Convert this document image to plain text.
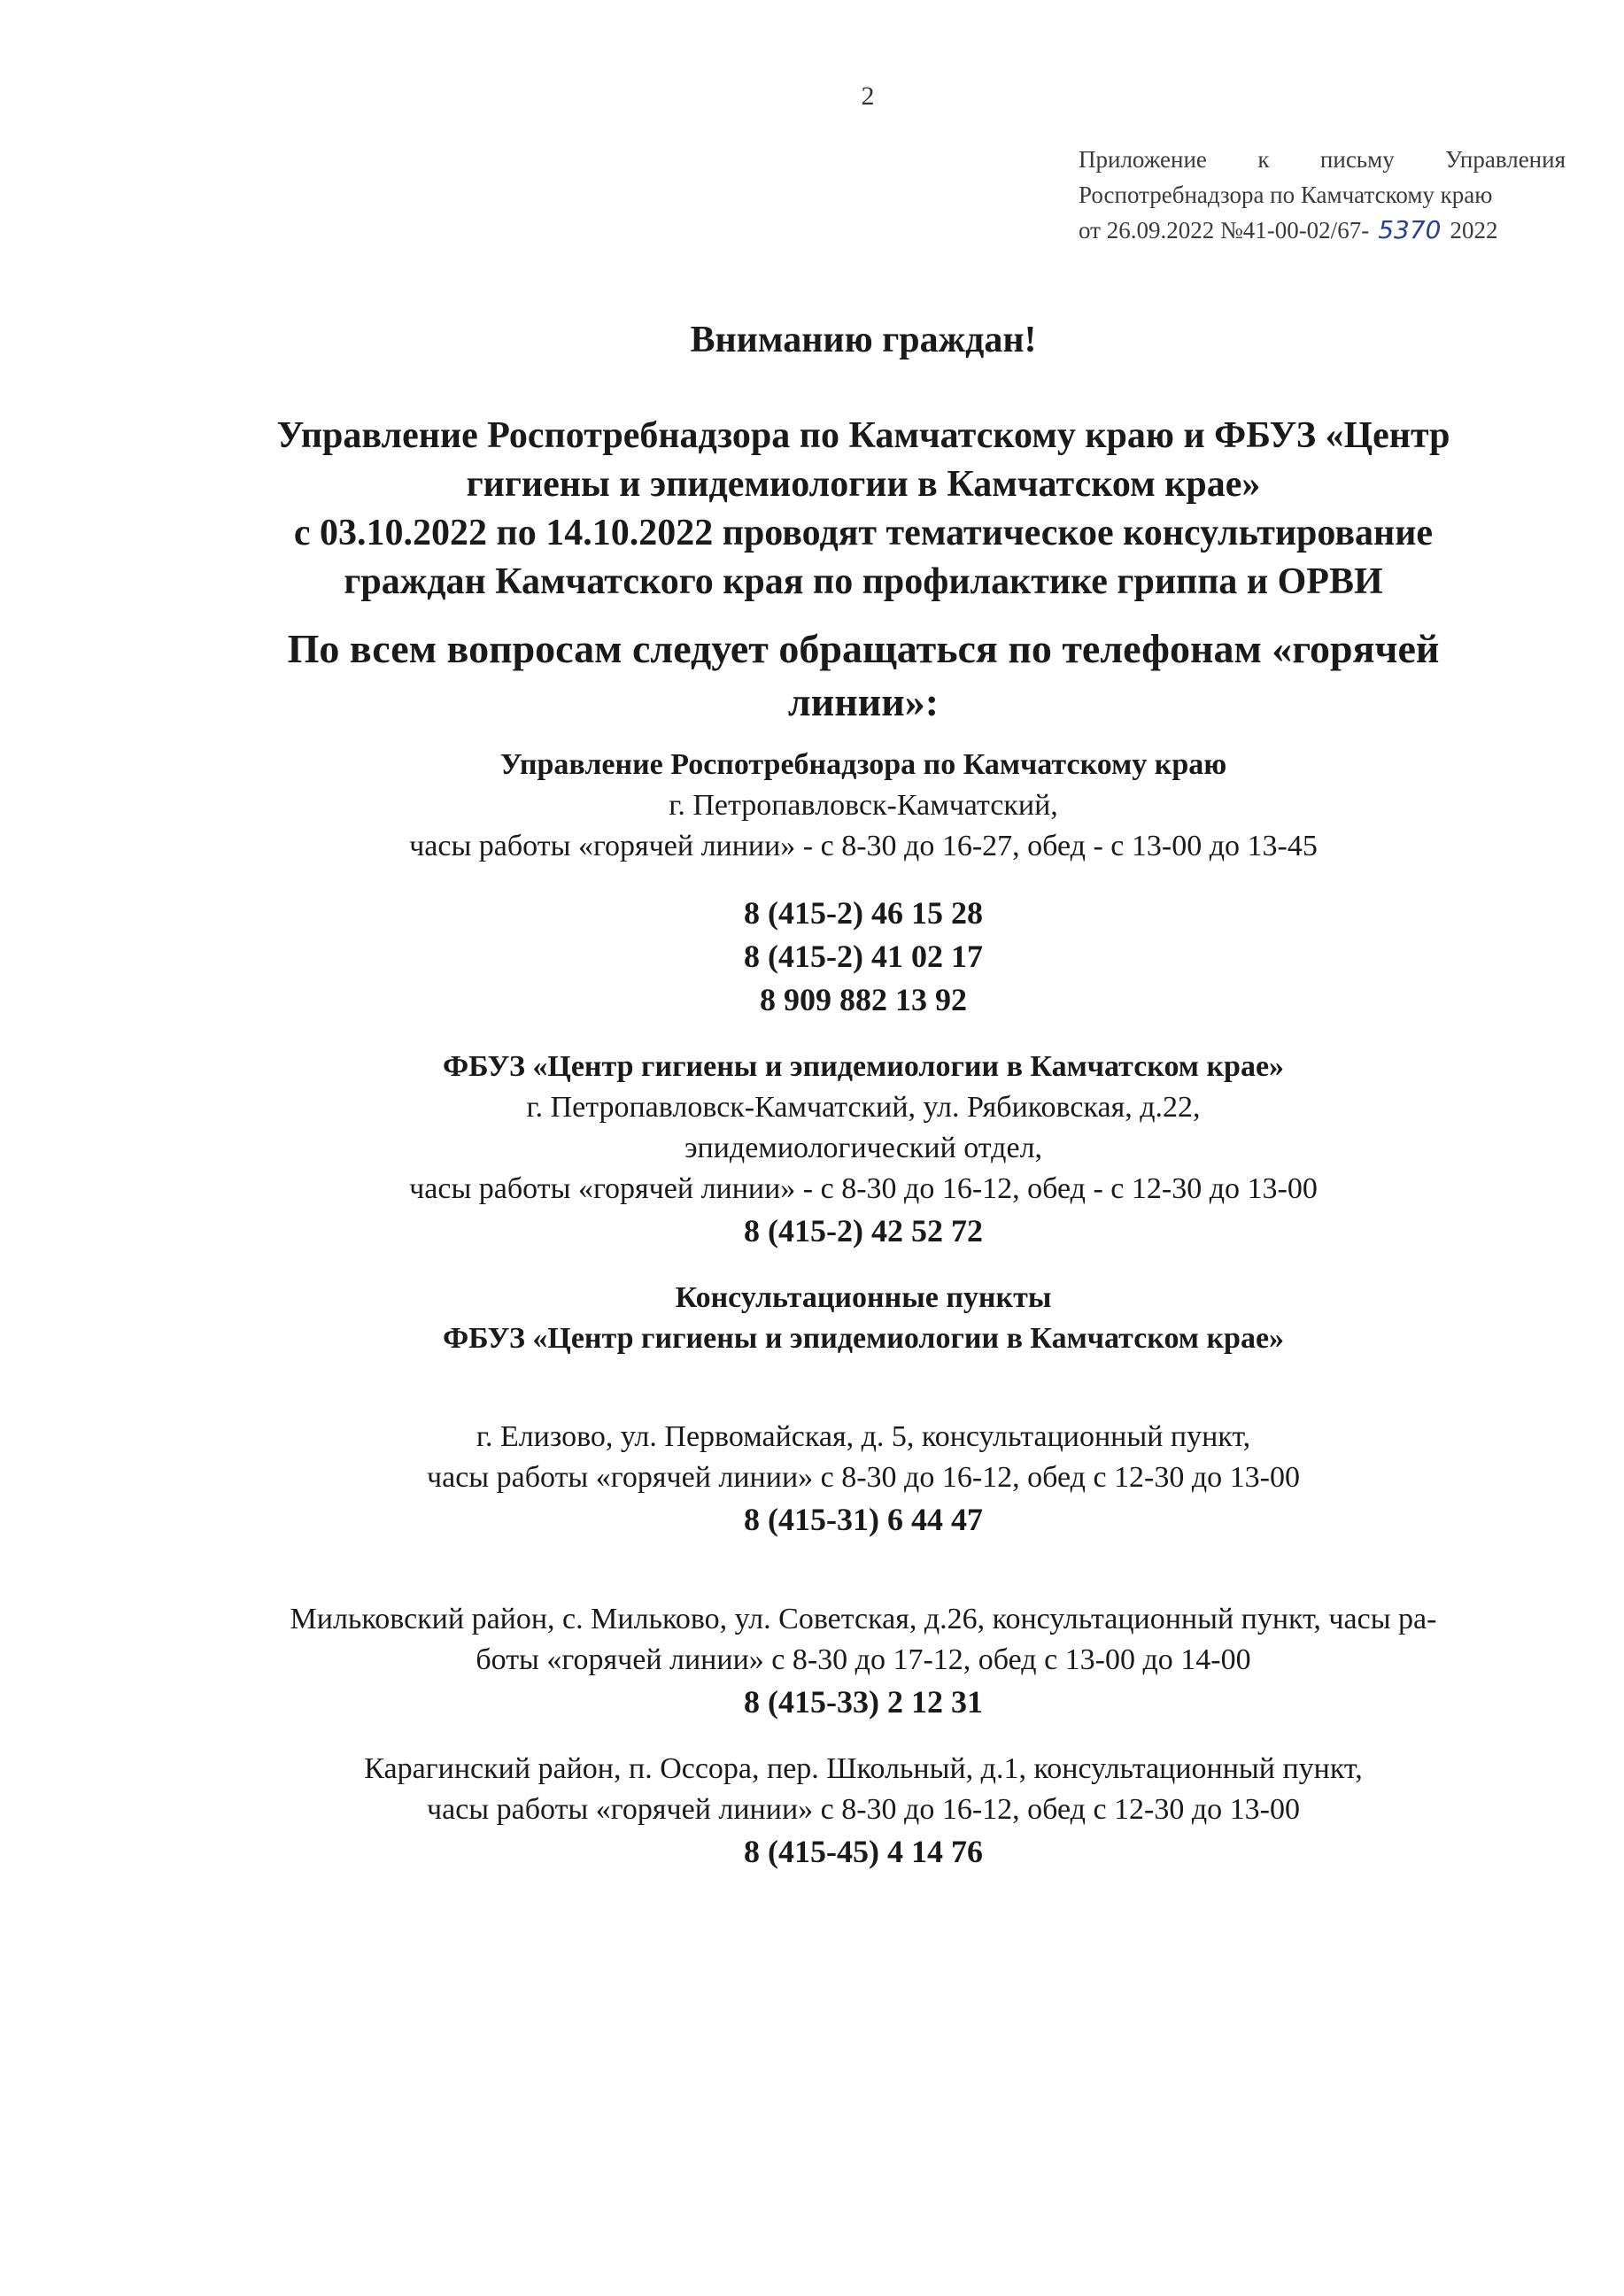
2
Приложение к письму Управления
Роспотребнадзора по Камчатскому краю
от 26.09.2022 №41-00-02/67- 5370 2022
Вниманию граждан!
Управление Роспотребнадзора по Камчатскому краю и ФБУЗ «Центр
гигиены и эпидемиологии в Камчатском крае»
с 03.10.2022 по 14.10.2022 проводят тематическое консультирование
граждан Камчатского края по профилактике гриппа и ОРВИ
По всем вопросам следует обращаться по телефонам «горячей
линии»:
Управление Роспотребнадзора по Камчатскому краю
г. Петропавловск-Камчатский,
часы работы «горячей линии» - с 8-30 до 16-27, обед - с 13-00 до 13-45
8 (415-2) 46 15 28
8 (415-2) 41 02 17
8 909 882 13 92
ФБУЗ «Центр гигиены и эпидемиологии в Камчатском крае»
г. Петропавловск-Камчатский, ул. Рябиковская, д.22,
эпидемиологический отдел,
часы работы «горячей линии» - с 8-30 до 16-12, обед - с 12-30 до 13-00
8 (415-2) 42 52 72
Консультационные пункты
ФБУЗ «Центр гигиены и эпидемиологии в Камчатском крае»
г. Елизово, ул. Первомайская, д. 5, консультационный пункт,
часы работы «горячей линии» с 8-30 до 16-12, обед с 12-30 до 13-00
8 (415-31) 6 44 47
Мильковский район, с. Мильково, ул. Советская, д.26, консультационный пункт, часы ра-
боты «горячей линии» с 8-30 до 17-12, обед с 13-00 до 14-00
8 (415-33) 2 12 31
Карагинский район, п. Оссора, пер. Школьный, д.1, консультационный пункт,
часы работы «горячей линии» с 8-30 до 16-12, обед с 12-30 до 13-00
8 (415-45) 4 14 76
